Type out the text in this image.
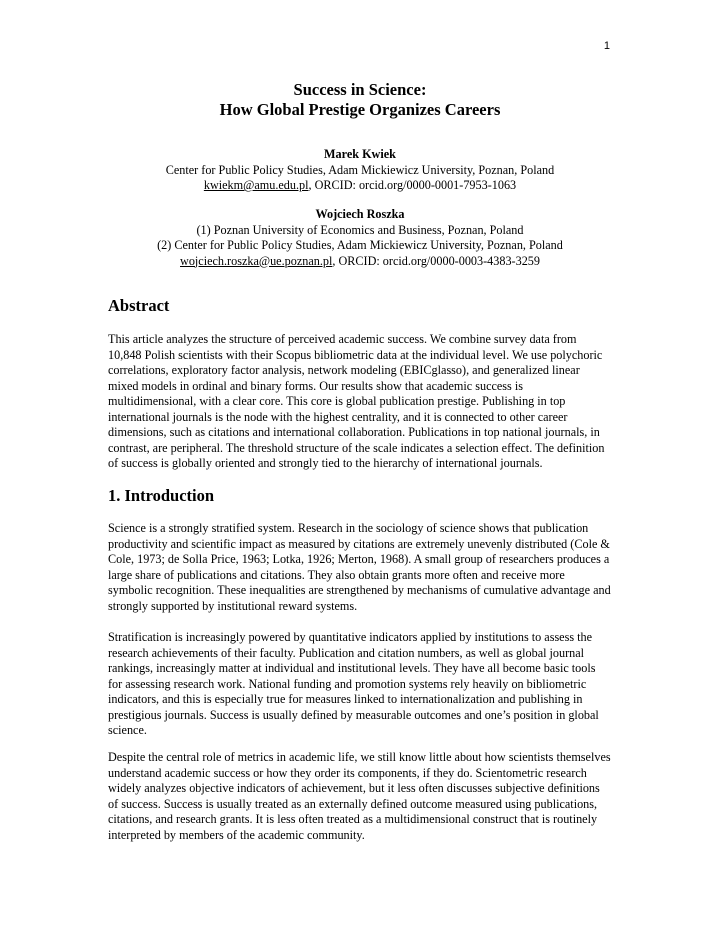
1
Success in Science:
How Global Prestige Organizes Careers
Marek Kwiek
Center for Public Policy Studies, Adam Mickiewicz University, Poznan, Poland
kwiekm@amu.edu.pl, ORCID: orcid.org/0000-0001-7953-1063
Wojciech Roszka
(1) Poznan University of Economics and Business, Poznan, Poland
(2) Center for Public Policy Studies, Adam Mickiewicz University, Poznan, Poland
wojciech.roszka@ue.poznan.pl, ORCID: orcid.org/0000-0003-4383-3259
Abstract
This article analyzes the structure of perceived academic success. We combine survey data from
10,848 Polish scientists with their Scopus bibliometric data at the individual level. We use polychoric
correlations, exploratory factor analysis, network modeling (EBICglasso), and generalized linear
mixed models in ordinal and binary forms. Our results show that academic success is
multidimensional, with a clear core. This core is global publication prestige. Publishing in top
international journals is the node with the highest centrality, and it is connected to other career
dimensions, such as citations and international collaboration. Publications in top national journals, in
contrast, are peripheral. The threshold structure of the scale indicates a selection effect. The definition
of success is globally oriented and strongly tied to the hierarchy of international journals.
1. Introduction
Science is a strongly stratified system. Research in the sociology of science shows that publication
productivity and scientific impact as measured by citations are extremely unevenly distributed (Cole &
Cole, 1973; de Solla Price, 1963; Lotka, 1926; Merton, 1968). A small group of researchers produces a
large share of publications and citations. They also obtain grants more often and receive more
symbolic recognition. These inequalities are strengthened by mechanisms of cumulative advantage and
strongly supported by institutional reward systems.
Stratification is increasingly powered by quantitative indicators applied by institutions to assess the
research achievements of their faculty. Publication and citation numbers, as well as global journal
rankings, increasingly matter at individual and institutional levels. They have all become basic tools
for assessing research work. National funding and promotion systems rely heavily on bibliometric
indicators, and this is especially true for measures linked to internationalization and publishing in
prestigious journals. Success is usually defined by measurable outcomes and one’s position in global
science.
Despite the central role of metrics in academic life, we still know little about how scientists themselves
understand academic success or how they order its components, if they do. Scientometric research
widely analyzes objective indicators of achievement, but it less often discusses subjective definitions
of success. Success is usually treated as an externally defined outcome measured using publications,
citations, and research grants. It is less often treated as a multidimensional construct that is routinely
interpreted by members of the academic community.
